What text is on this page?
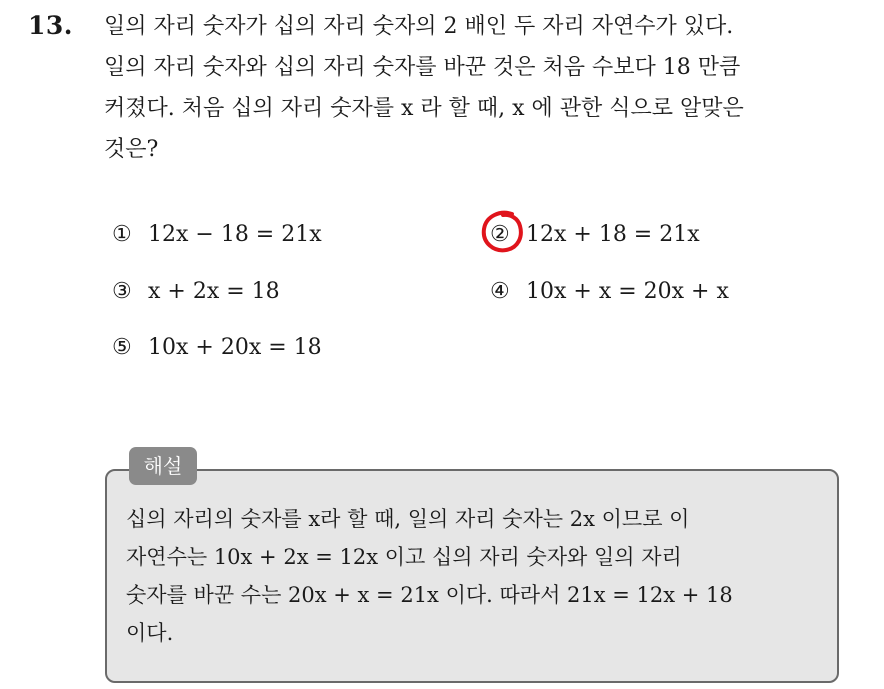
13. 일의 자리 숫자가 십의 자리 숫자의 2 배인 두 자리 자연수가 있다.
일의 자리 숫자와 십의 자리 숫자를 바꾼 것은 처음 수보다 18 만큼
커졌다. 처음 십의 자리 숫자를 x 라 할 때, x 에 관한 식으로 알맞은
것은?
① 12x − 18 = 21x	② 12x + 18 = 21x
③ x + 2x = 18	④ 10x + x = 20x + x
⑤ 10x + 20x = 18
해설
십의 자리의 숫자를 x라 할 때, 일의 자리 숫자는 2x 이므로 이
자연수는 10x + 2x = 12x 이고 십의 자리 숫자와 일의 자리
숫자를 바꾼 수는 20x + x = 21x 이다. 따라서 21x = 12x + 18
이다.
